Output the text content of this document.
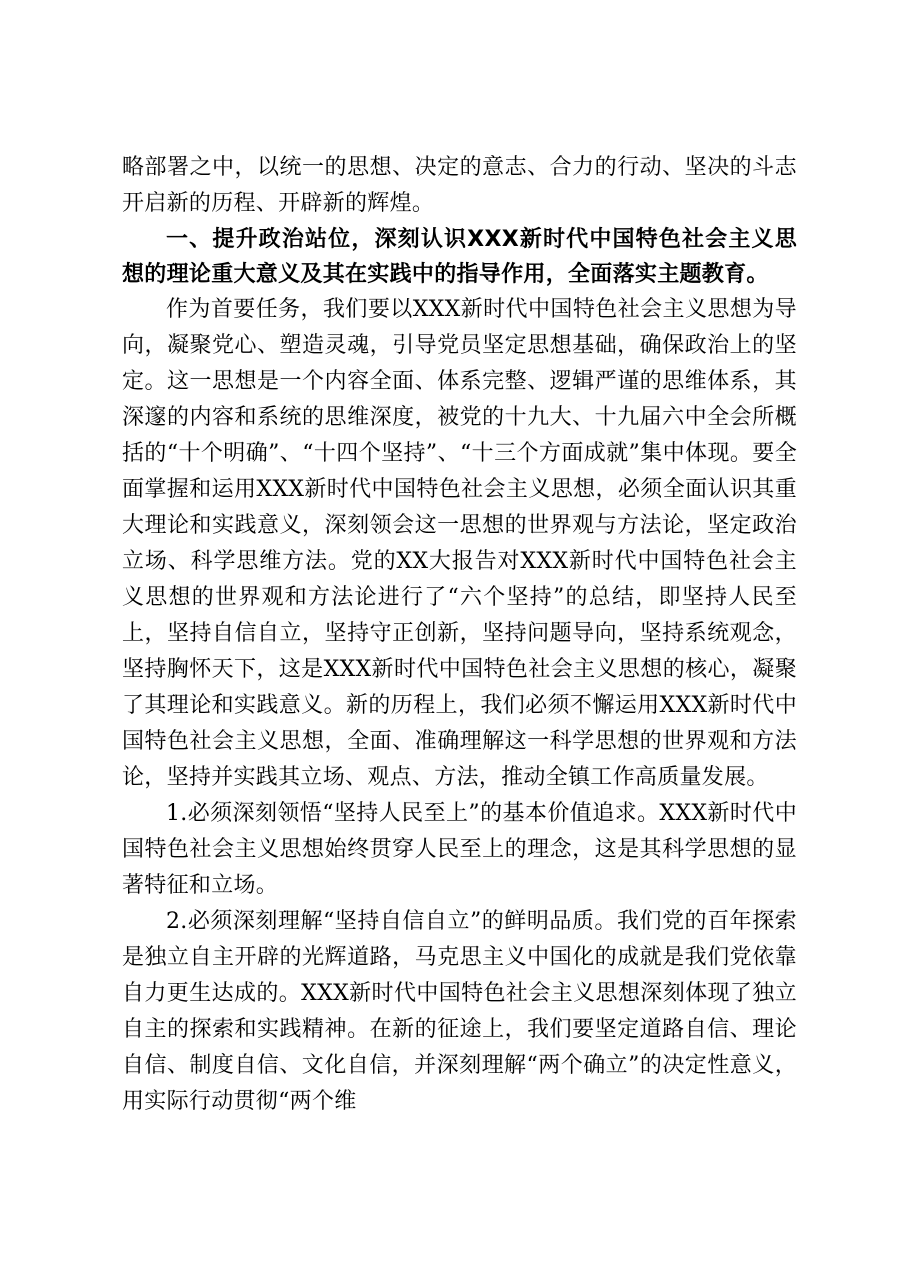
略部署之中，以统一的思想、决定的意志、合力的行动、坚决的斗志开启新的历程、开辟新的辉煌。

一、提升政治站位，深刻认识XXX新时代中国特色社会主义思想的理论重大意义及其在实践中的指导作用，全面落实主题教育。

作为首要任务，我们要以XXX新时代中国特色社会主义思想为导向，凝聚党心、塑造灵魂，引导党员坚定思想基础，确保政治上的坚定。这一思想是一个内容全面、体系完整、逻辑严谨的思维体系，其深邃的内容和系统的思维深度，被党的十九大、十九届六中全会所概括的“十个明确”、“十四个坚持”、“十三个方面成就”集中体现。要全面掌握和运用XXX新时代中国特色社会主义思想，必须全面认识其重大理论和实践意义，深刻领会这一思想的世界观与方法论，坚定政治立场、科学思维方法。党的XX大报告对XXX新时代中国特色社会主义思想的世界观和方法论进行了“六个坚持”的总结，即坚持人民至上，坚持自信自立，坚持守正创新，坚持问题导向，坚持系统观念，坚持胸怀天下，这是XXX新时代中国特色社会主义思想的核心，凝聚了其理论和实践意义。新的历程上，我们必须不懈运用XXX新时代中国特色社会主义思想，全面、准确理解这一科学思想的世界观和方法论，坚持并实践其立场、观点、方法，推动全镇工作高质量发展。

1.必须深刻领悟“坚持人民至上”的基本价值追求。XXX新时代中国特色社会主义思想始终贯穿人民至上的理念，这是其科学思想的显著特征和立场。

2.必须深刻理解“坚持自信自立”的鲜明品质。我们党的百年探索是独立自主开辟的光辉道路，马克思主义中国化的成就是我们党依靠自力更生达成的。XXX新时代中国特色社会主义思想深刻体现了独立自主的探索和实践精神。在新的征途上，我们要坚定道路自信、理论自信、制度自信、文化自信，并深刻理解“两个确立”的决定性意义，用实际行动贯彻“两个维
